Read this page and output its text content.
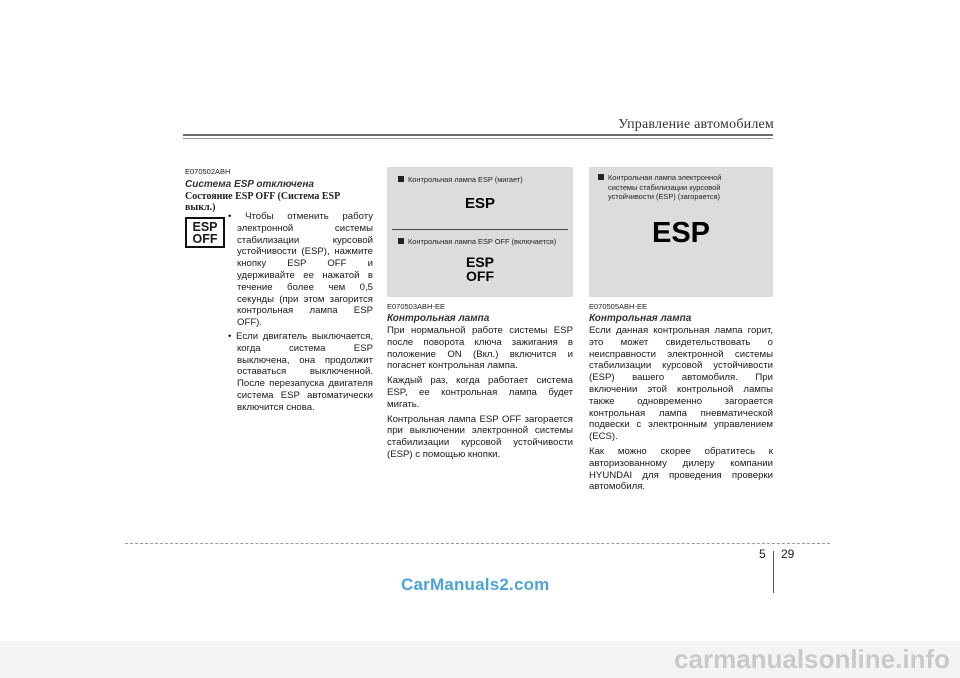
Управление автомобилем
E070502ABH
Система ESP отключена
Состояние ESP OFF (Система ESP
выкл.)
ESP
OFF

• Чтобы отменить работу электронной системы стабилизации курсовой устойчивости (ESP), нажмите кнопку ESP OFF и удерживайте ее нажатой в течение более чем 0,5 секунды (при этом загорится контрольная лампа ESP OFF).

• Если двигатель выключается, когда система ESP выключена, она продолжит оставаться выключенной. После перезапуска двигателя система ESP автоматически включится снова.

Контрольная лампа ESP (мигает)
ESP
Контрольная лампа ESP OFF (включается)
ESP
OFF
E070503ABH-EE
Контрольная лампа

При нормальной работе системы ESP после поворота ключа зажигания в положение ON (Вкл.) включится и погаснет контрольная лампа.

Каждый раз, когда работает система ESP, ее контрольная лампа будет мигать.

Контрольная лампа ESP OFF загорается при выключении электронной системы стабилизации курсовой устойчивости (ESP) с помощью кнопки.

Контрольная лампа электронной
системы стабилизации курсовой
устойчивости (ESP) (загорается)
ESP
E070505ABH-EE
Контрольная лампа

Если данная контрольная лампа горит, это может свидетельствовать о неисправности электронной системы стабилизации курсовой устойчивости (ESP) вашего автомобиля. При включении этой контрольной лампы также одновременно загорается контрольная лампа пневматической подвески с электронным управлением (ECS).

Как можно скорее обратитесь к авторизованному дилеру компании HYUNDAI для проведения проверки автомобиля.

5 29
CarManuals2.com
carmanualsonline.info
